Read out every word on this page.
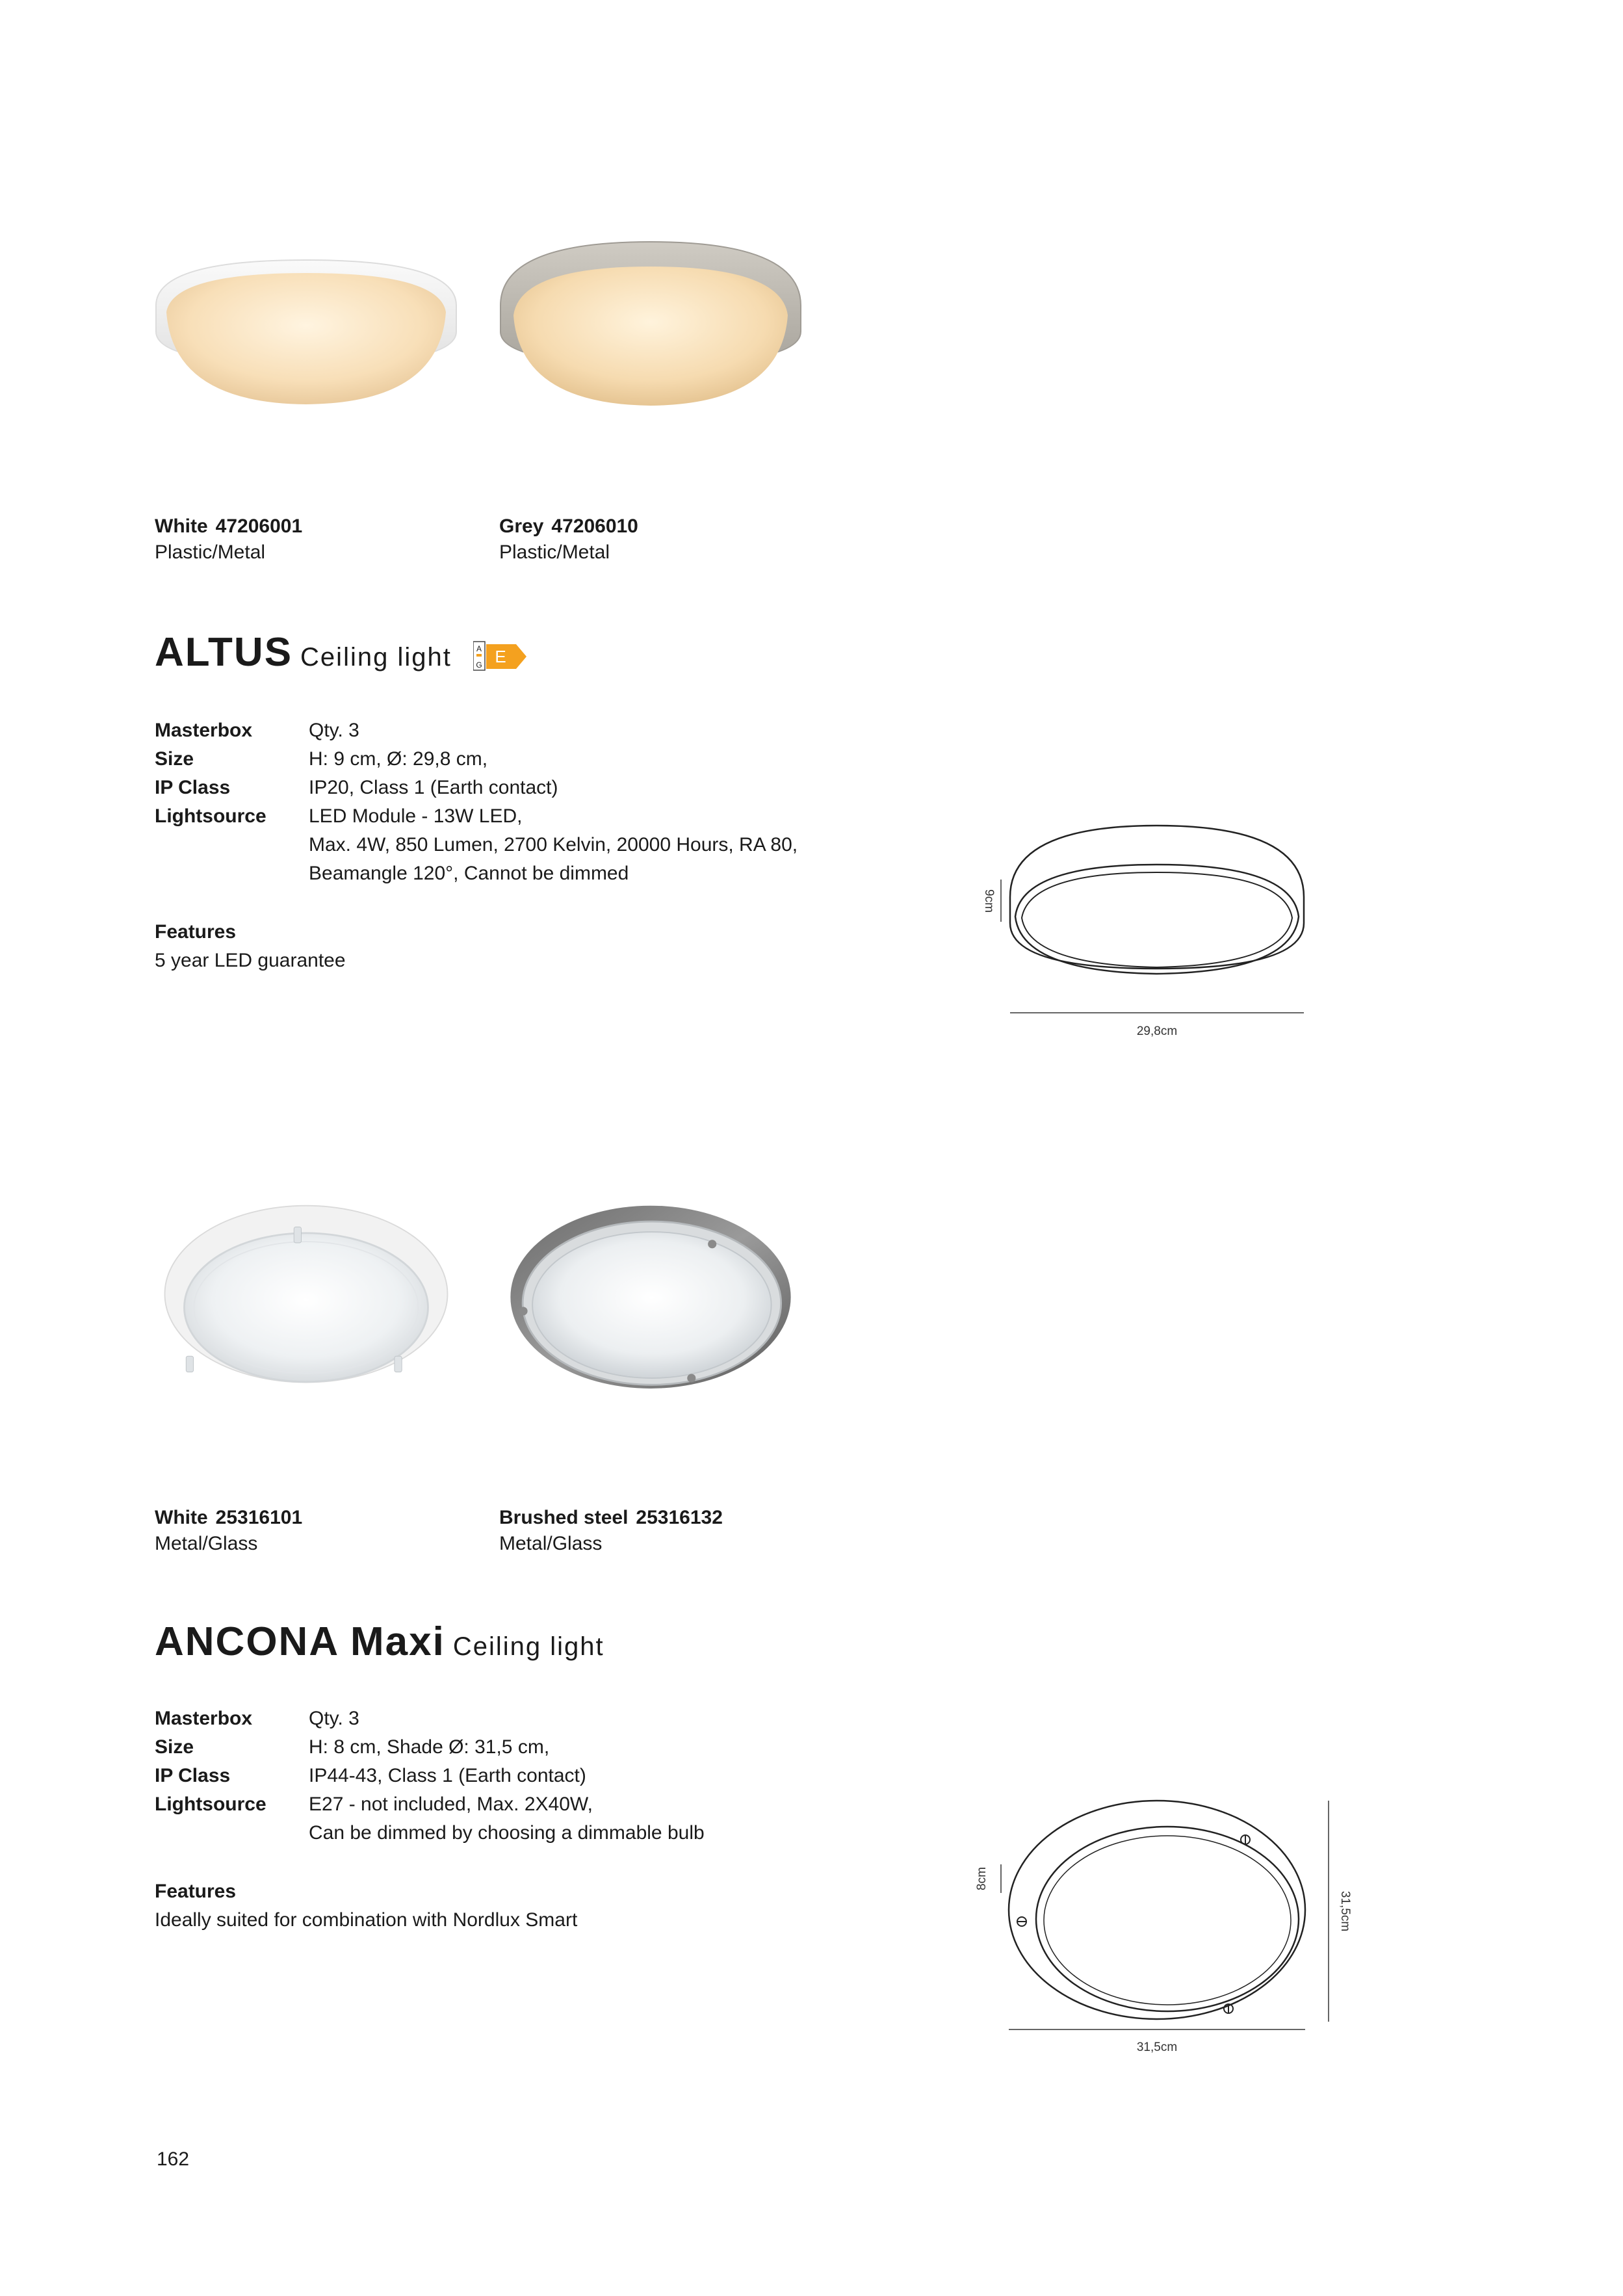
White 47206001
Plastic/Metal
Grey 47206010
Plastic/Metal
ALTUS Ceiling light	A
G E
Masterbox	Qty. 3
Size	H: 9 cm, Ø: 29,8 cm,
IP Class	IP20, Class 1 (Earth contact)
Lightsource LED Module - 13W LED,
Max. 4W, 850 Lumen, 2700 Kelvin, 20000 Hours, RA 80,
Beamangle 120°, Cannot be dimmed
Features
5 year LED guarantee
9cm
29,8cm
White 25316101
Metal/Glass
Brushed steel 25316132
Metal/Glass
ANCONA Maxi Ceiling light
Masterbox	Qty. 3
Size	H: 8 cm, Shade Ø: 31,5 cm,
IP Class	IP44-43, Class 1 (Earth contact)
Lightsource E27 - not included, Max. 2X40W,
Can be dimmed by choosing a dimmable bulb
Features
Ideally suited for combination with Nordlux Smart
8cm
31,5cm
31,5cm
162
